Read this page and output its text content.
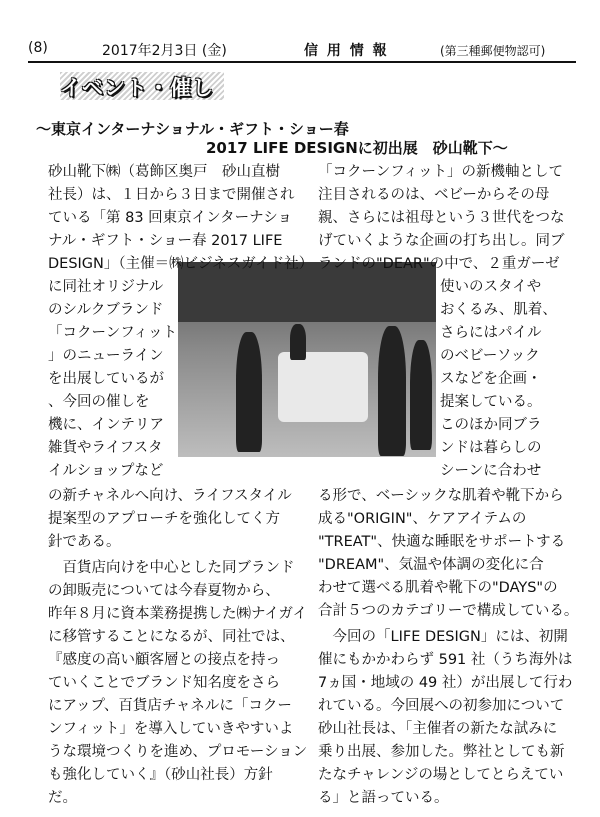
(8)	2017年2月3日 (金)	信 用 情 報	(第三種郵便物認可)
イベント・催し
～東京インターナショナル・ギフト・ショー春
2017 LIFE DESIGNに初出展　砂山靴下～
砂山靴下㈱（葛飾区奥戸　砂山直樹
社長）は、１日から３日まで開催され
ている「第 83 回東京インターナショ
ナル・ギフト・ショー春 2017 LIFE
DESIGN」（主催＝㈱ビジネスガイド社）
に同社オリジナル
のシルクブランド
「コクーンフィット
」のニューライン
を出展しているが
、今回の催しを
機に、インテリア
雑貨やライフスタ
イルショップなど
の新チャネルへ向け、ライフスタイル
提案型のアプローチを強化してく方
針である。
　百貨店向けを中心とした同ブランド
の卸販売については今春夏物から、
昨年８月に資本業務提携した㈱ナイガイ
に移管することになるが、同社では、
『感度の高い顧客層との接点を持っ
ていくことでブランド知名度をさら
にアップ、百貨店チャネルに「コクー
ンフィット」を導入していきやすいよ
うな環境つくりを進め、プロモーション
も強化していく』（砂山社長）方針
だ。
「コクーンフィット」の新機軸として
注目されるのは、ベビーからその母
親、さらには祖母という３世代をつな
げていくような企画の打ち出し。同ブ
ランドの"DEAR"の中で、２重ガーゼ
使いのスタイや
おくるみ、肌着、
さらにはパイル
のベビーソック
スなどを企画・
提案している。
このほか同ブラ
ンドは暮らしの
シーンに合わせ
る形で、ベーシックな肌着や靴下から
成る"ORIGIN"、ケアアイテムの
"TREAT"、快適な睡眠をサポートする
"DREAM"、気温や体調の変化に合
わせて選べる肌着や靴下の"DAYS"の
合計５つのカテゴリーで構成している。
　今回の「LIFE DESIGN」には、初開
催にもかかわらず 591 社（うち海外は
7ヵ国・地域の 49 社）が出展して行わ
れている。今回展への初参加について
砂山社長は、「主催者の新たな試みに
乗り出展、参加した。弊社としても新
たなチャレンジの場としてとらえてい
る」と語っている。
